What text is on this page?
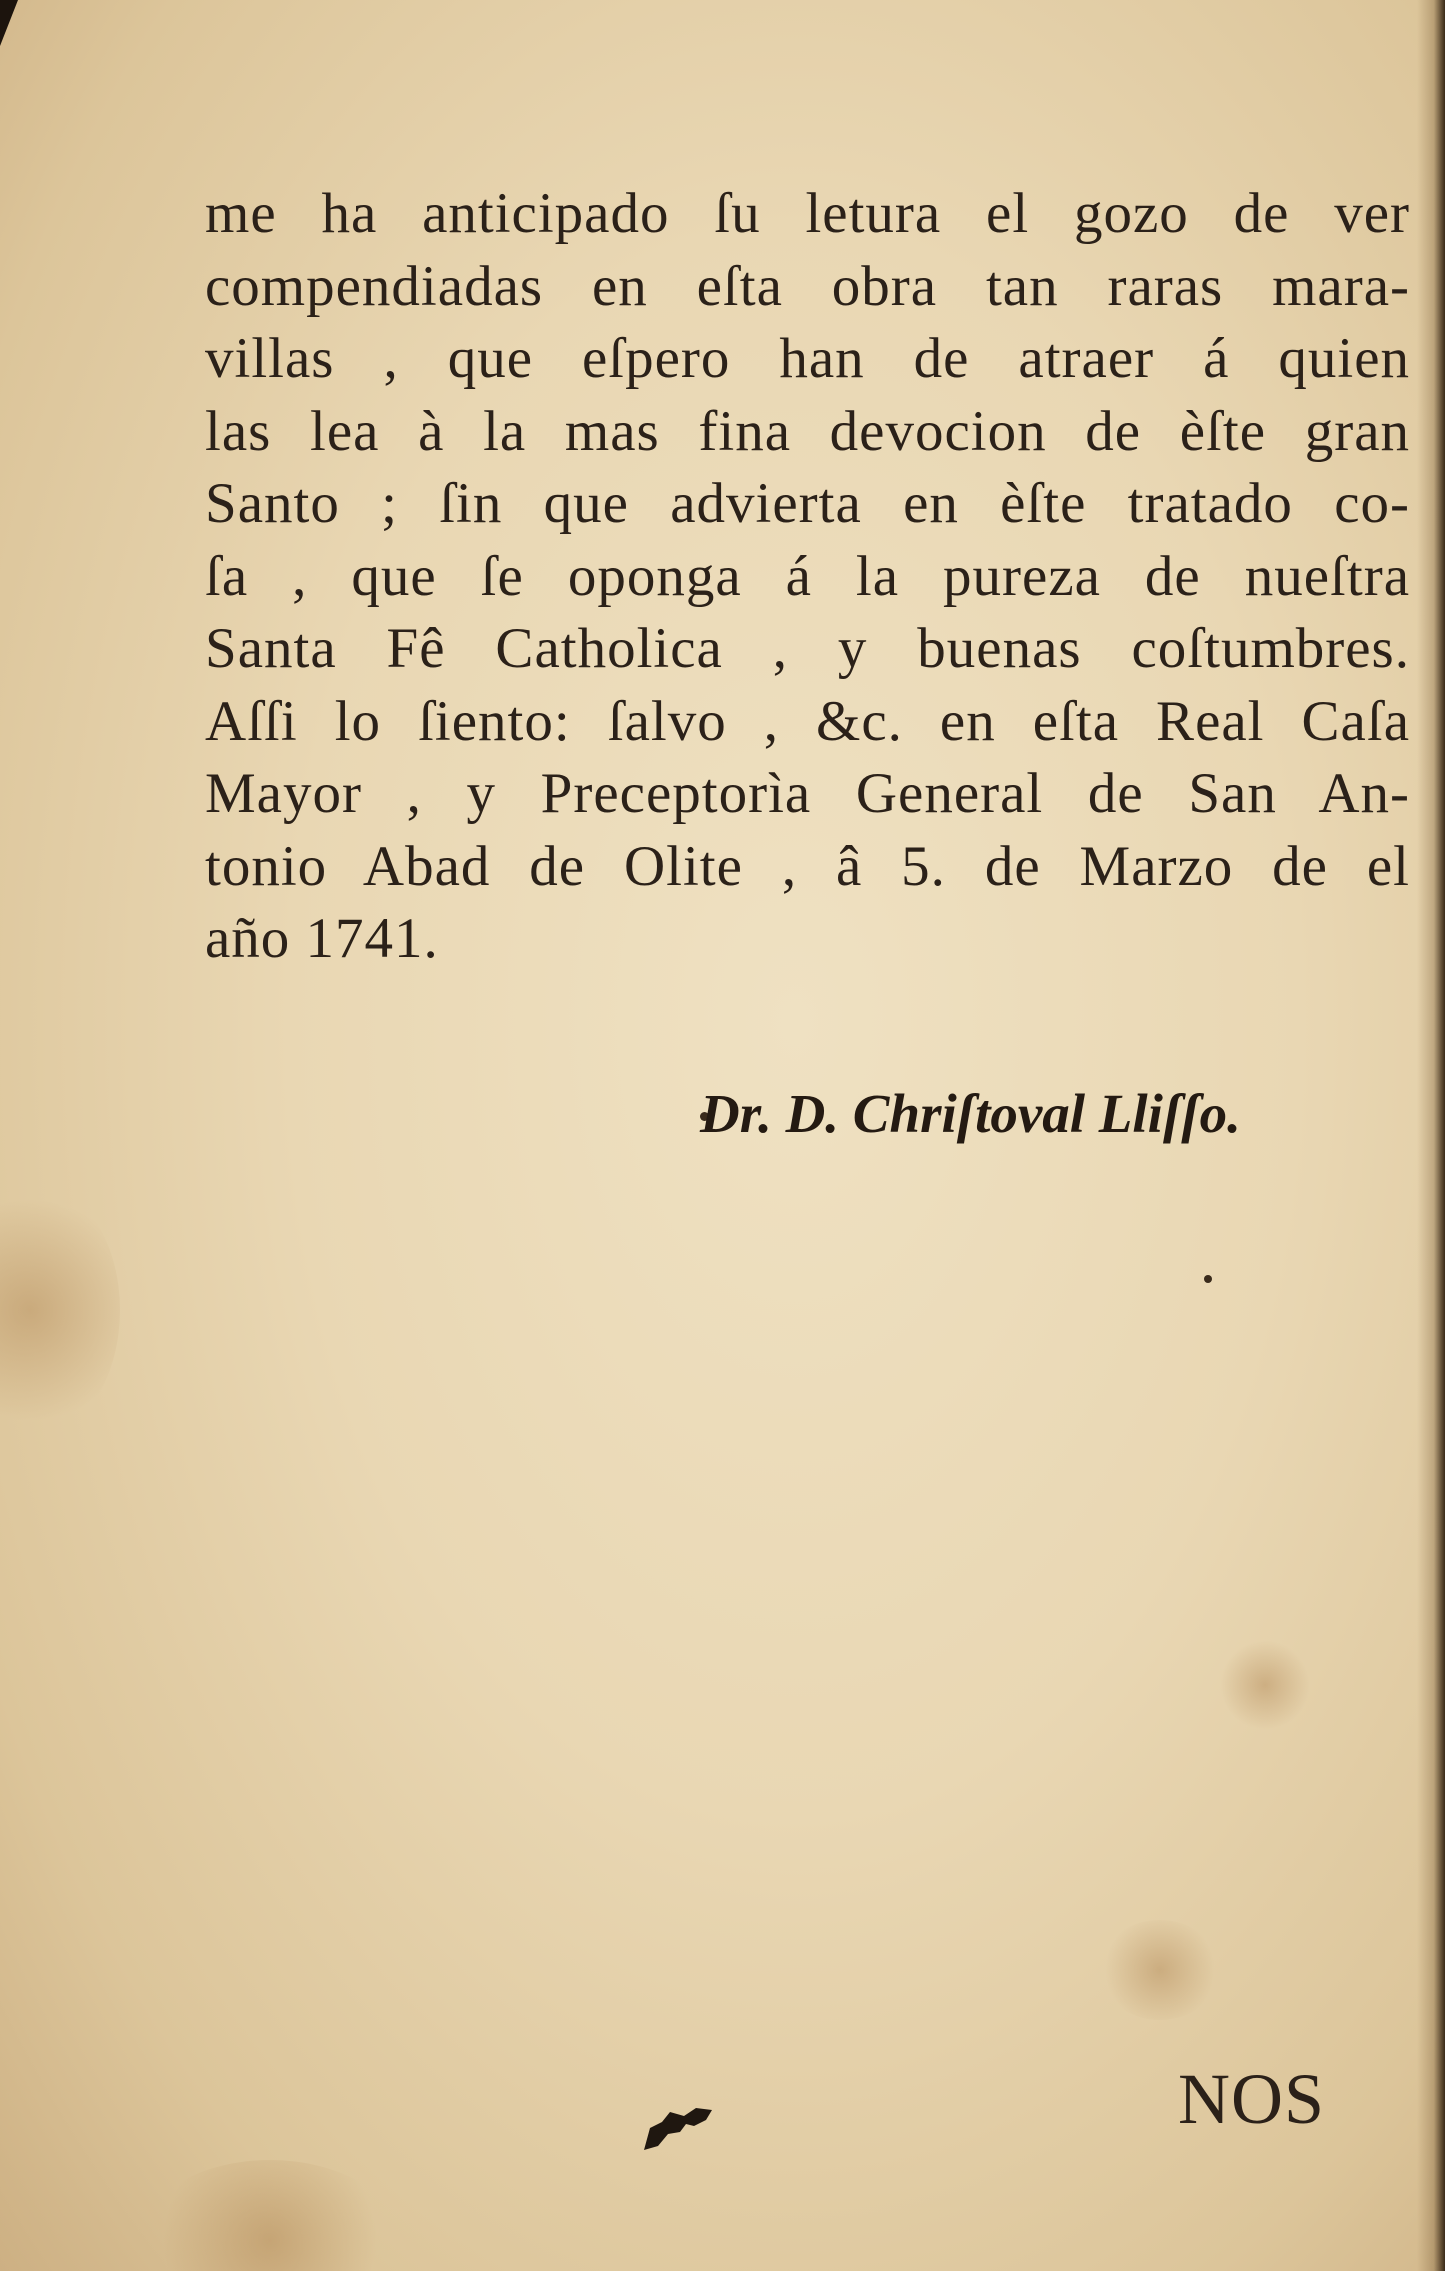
me ha anticipado ſu letura el gozo de ver
compendiadas en eſta obra tan raras mara-
villas , que eſpero han de atraer á quien
las lea à la mas fina devocion de èſte gran
Santo ; ſin que advierta en èſte tratado co-
ſa , que ſe oponga á la pureza de nueſtra
Santa Fê Catholica , y buenas coſtumbres.
Aſſi lo ſiento: ſalvo , &c. en eſta Real Caſa
Mayor , y Preceptorìa General de San An-
tonio Abad de Olite , â 5. de Marzo de el
año 1741.
Dr. D. Chriſtoval Lliſſo.
NOS
